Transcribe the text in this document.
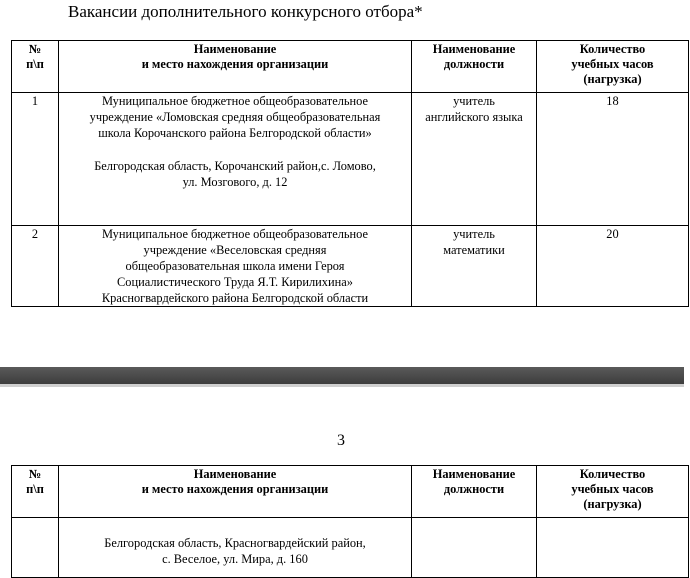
Вакансии дополнительного конкурсного отбора*
№
п\п	Наименование
и место нахождения организации	Наименование
должности	Количество
учебных часов
(нагрузка)
1	Муниципальное бюджетное общеобразовательное
учреждение «Ломовская средняя общеобразовательная
школа Корочанского района Белгородской области»
Белгородская область, Корочанский район,с. Ломово,
ул. Мозгового, д. 12	учитель
английского языка	18
2	Муниципальное бюджетное общеобразовательное
учреждение «Веселовская средняя
общеобразовательная школа имени Героя
Социалистического Труда Я.Т. Кирилихина»
Красногвардейского района Белгородской области	учитель
математики	20
3
№
п\п	Наименование
и место нахождения организации	Наименование
должности	Количество
учебных часов
(нагрузка)
	Белгородская область, Красногвардейский район,
с. Веселое, ул. Мира, д. 160		
